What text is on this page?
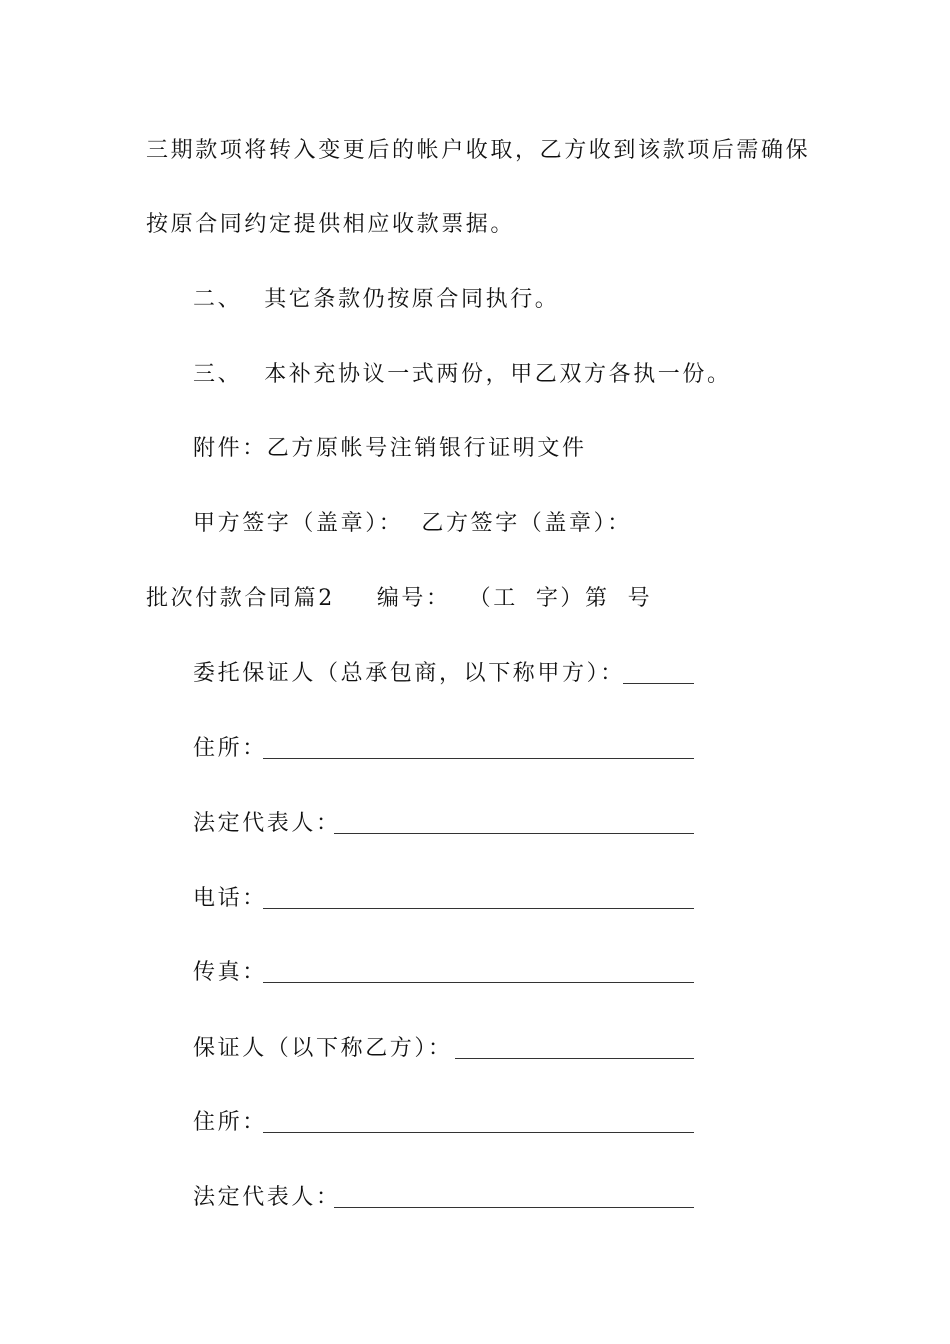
三期款项将转入变更后的帐户收取，乙方收到该款项后需确保
按原合同约定提供相应收款票据。
二、 其它条款仍按原合同执行。
三、 本补充协议一式两份，甲乙双方各执一份。
附件：乙方原帐号注销银行证明文件
甲方签字（盖章）： 乙方签字（盖章）：
批次付款合同篇2 编号： （工 字）第 号
委托保证人（总承包商，以下称甲方）：
住所：
法定代表人：
电话：
传真：
保证人（以下称乙方）：
住所：
法定代表人：
